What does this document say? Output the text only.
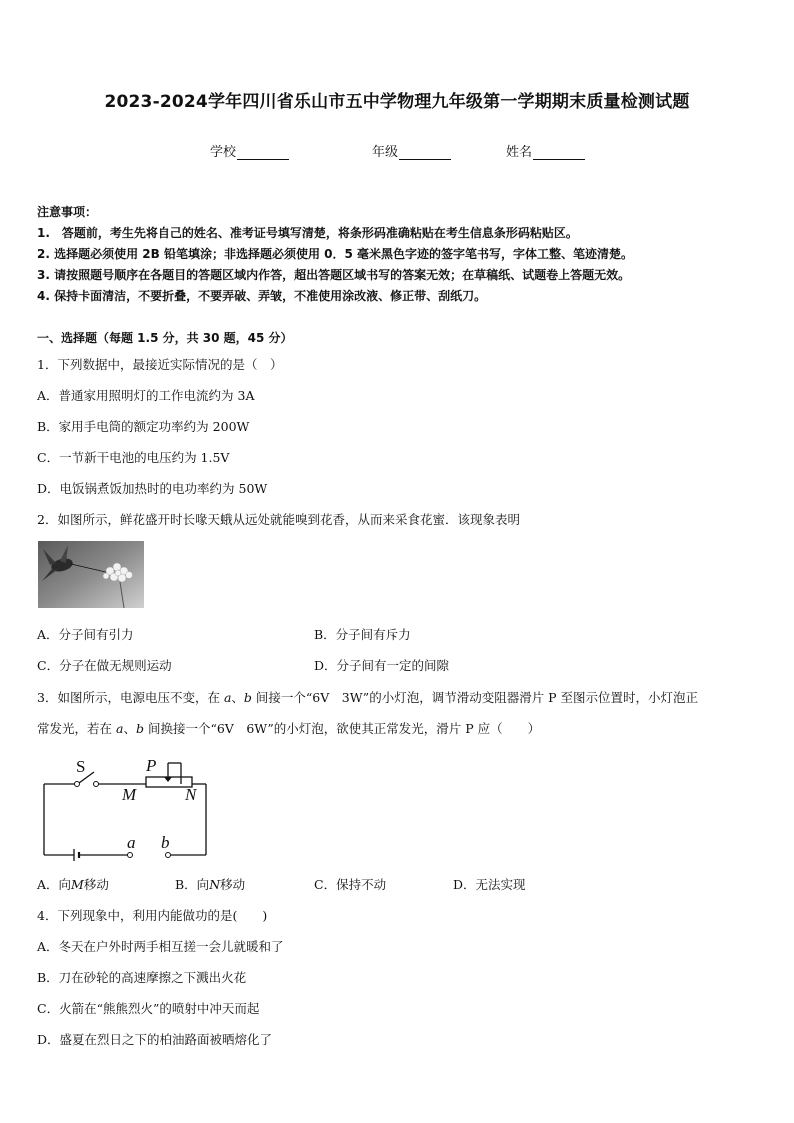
2023-2024学年四川省乐山市五中学物理九年级第一学期期末质量检测试题
学校	年级	姓名
注意事项：
1.　答题前，考生先将自己的姓名、准考证号填写清楚，将条形码准确粘贴在考生信息条形码粘贴区。
2. 选择题必须使用 2B 铅笔填涂；非选择题必须使用 0．5 毫米黑色字迹的签字笔书写，字体工整、笔迹清楚。
3. 请按照题号顺序在各题目的答题区域内作答，超出答题区域书写的答案无效；在草稿纸、试题卷上答题无效。
4. 保持卡面清洁，不要折叠，不要弄破、弄皱，不准使用涂改液、修正带、刮纸刀。
一、选择题（每题 1.5 分，共 30 题，45 分）
1．下列数据中，最接近实际情况的是（　）
A．普通家用照明灯的工作电流约为 3A
B．家用手电筒的额定功率约为 200W
C．一节新干电池的电压约为 1.5V
D．电饭锅煮饭加热时的电功率约为 50W
2．如图所示，鲜花盛开时长喙天蛾从远处就能嗅到花香，从而来采食花蜜．该现象表明
A．分子间有引力	B．分子间有斥力
C．分子在做无规则运动	D．分子间有一定的间隙
3．如图所示，电源电压不变，在 a、b 间接一个“6V　3W”的小灯泡，调节滑动变阻器滑片 P 至图示位置时，小灯泡正
常发光，若在 a、b 间换接一个“6V　6W”的小灯泡，欲使其正常发光，滑片 P 应（　　）
S	P
M	N
a b
A．向M移动	B．向N移动	C．保持不动	D．无法实现
4．下列现象中，利用内能做功的是(　　)
A．冬天在户外时两手相互搓一会儿就暖和了
B．刀在砂轮的高速摩擦之下溅出火花
C．火箭在“熊熊烈火”的喷射中冲天而起
D．盛夏在烈日之下的柏油路面被晒熔化了
